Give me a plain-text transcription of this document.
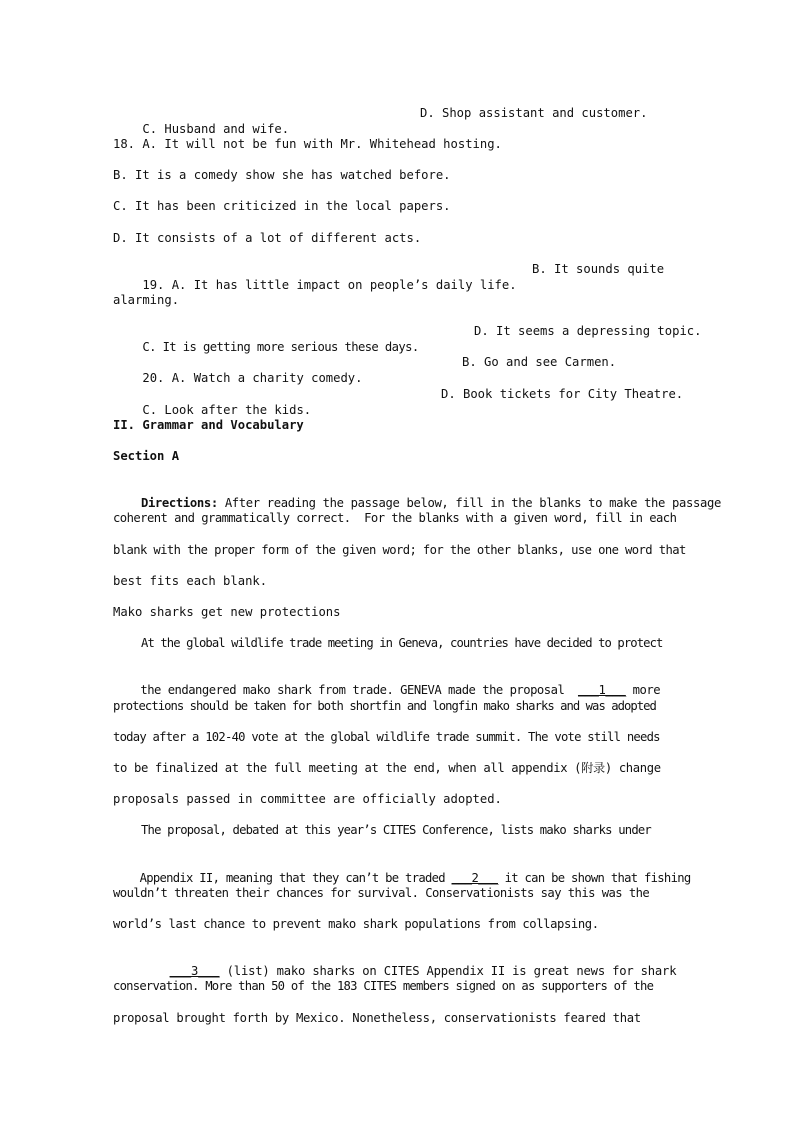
C. Husband and wife.

D. Shop assistant and customer.

18. A. It will not be fun with Mr. Whitehead hosting.
B. It is a comedy show she has watched before.
C. It has been criticized in the local papers.
D. It consists of a lot of different acts.

19. A. It has little impact on people’s daily life.

B. It sounds quite

alarming.

C. It is getting more serious these days.

D. It seems a depressing topic.

20. A. Watch a charity comedy.

B. Go and see Carmen.

C. Look after the kids.

D. Book tickets for City Theatre.

II. Grammar and Vocabulary
Section A

Directions: After reading the passage below, fill in the blanks to make the passage

coherent and grammatically correct.  For the blanks with a given word, fill in each
blank with the proper form of the given word; for the other blanks, use one word that
best fits each blank.
Mako sharks get new protections
At the global wildlife trade meeting in Geneva, countries have decided to protect

the endangered mako shark from trade. GENEVA made the proposal  ___1___ more

protections should be taken for both shortfin and longfin mako sharks and was adopted
today after a 102-40 vote at the global wildlife trade summit. The vote still needs
to be finalized at the full meeting at the end, when all appendix (附录) change
proposals passed in committee are officially adopted.
The proposal, debated at this year’s CITES Conference, lists mako sharks under

Appendix II, meaning that they can’t be traded ___2___ it can be shown that fishing

wouldn’t threaten their chances for survival. Conservationists say this was the
world’s last chance to prevent mako shark populations from collapsing.

___3___ (list) mako sharks on CITES Appendix II is great news for shark

conservation. More than 50 of the 183 CITES members signed on as supporters of the
proposal brought forth by Mexico. Nonetheless, conservationists feared that
